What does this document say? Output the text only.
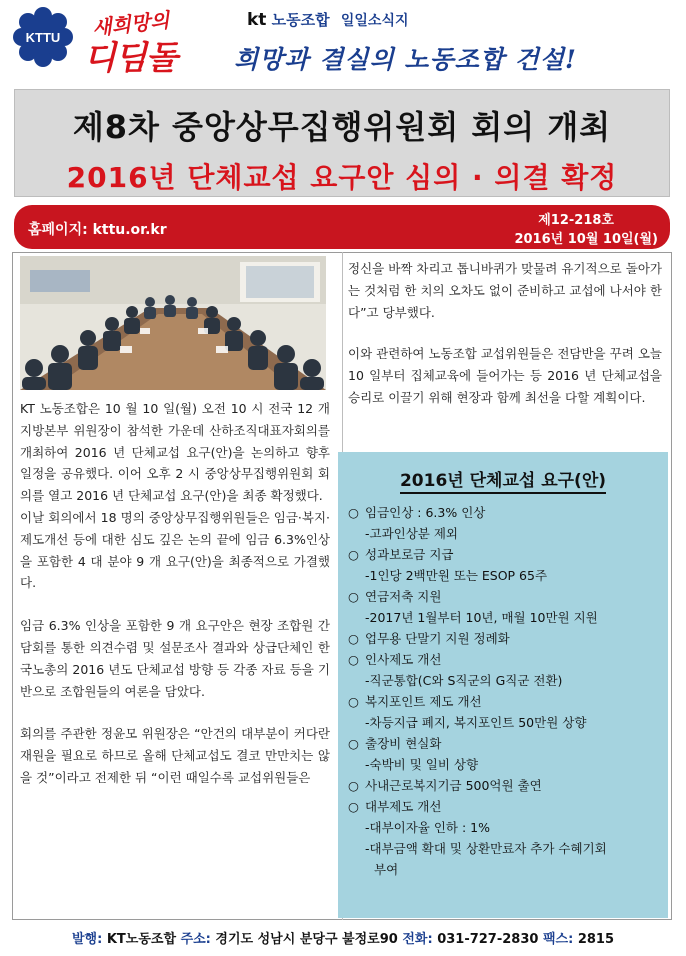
KTTU 새희망의
디딤돌
kt 노동조합 일일소식지
희망과 결실의 노동조합 건설!
제8차 중앙상무집행위원회 회의 개최
2016년 단체교섭 요구안 심의 · 의결 확정
홈페이지: kttu.or.kr
제12-218호
2016년 10월 10일(월)

KT 노동조합은 10 월 10 일(월) 오전 10 시 전국 12 개 지방본부 위원장이 참석한 가운데 산하조직대표자회의를 개최하여 2016 년 단체교섭 요구(안)을 논의하고 향후 일정을 공유했다. 이어 오후 2 시 중앙상무집행위원회 회의를 열고 2016 년 단체교섭 요구(안)을 최종 확정했다.

이날 회의에서 18 명의 중앙상무집행위원들은 임금·복지·제도개선 등에 대한 심도 깊은 논의 끝에 임금 6.3%인상을 포함한 4 대 분야 9 개 요구(안)을 최종적으로 가결했다.

임금 6.3% 인상을 포함한 9 개 요구안은 현장 조합원 간담회를 통한 의견수렴 및 설문조사 결과와 상급단체인 한국노총의 2016 년도 단체교섭 방향 등 각종 자료 등을 기반으로 조합원들의 여론을 담았다.

회의를 주관한 정윤모 위원장은 “안건의 대부분이 커다란 재원을 필요로 하므로 올해 단체교섭도 결코 만만치는 않을 것”이라고 전제한 뒤 “이런 때일수록 교섭위원들은

정신을 바짝 차리고 톱니바퀴가 맞물려 유기적으로 돌아가는 것처럼 한 치의 오차도 없이 준비하고 교섭에 나서야 한다”고 당부했다.

이와 관련하여 노동조합 교섭위원들은 전담반을 꾸려 오늘 10 일부터 집체교육에 들어가는 등 2016 년 단체교섭을 승리로 이끌기 위해 현장과 함께 최선을 다할 계획이다.

2016년 단체교섭 요구(안)
○ 임금인상 : 6.3% 인상
-고과인상분 제외
○ 성과보로금 지급
-1인당 2백만원 또는 ESOP 65주
○ 연금저축 지원
-2017년 1월부터 10년, 매월 10만원 지원
○ 업무용 단말기 지원 정례화
○ 인사제도 개선
-직군통합(C와 S직군의 G직군 전환)
○ 복지포인트 제도 개선
-차등지급 폐지, 복지포인트 50만원 상향
○ 출장비 현실화
-숙박비 및 일비 상향
○ 사내근로복지기금 500억원 출연
○ 대부제도 개선
-대부이자율 인하 : 1%
-대부금액 확대 및 상환만료자 추가 수혜기회
부여
발행: KT노동조합 주소: 경기도 성남시 분당구 불정로90 전화: 031-727-2830 팩스: 2815
